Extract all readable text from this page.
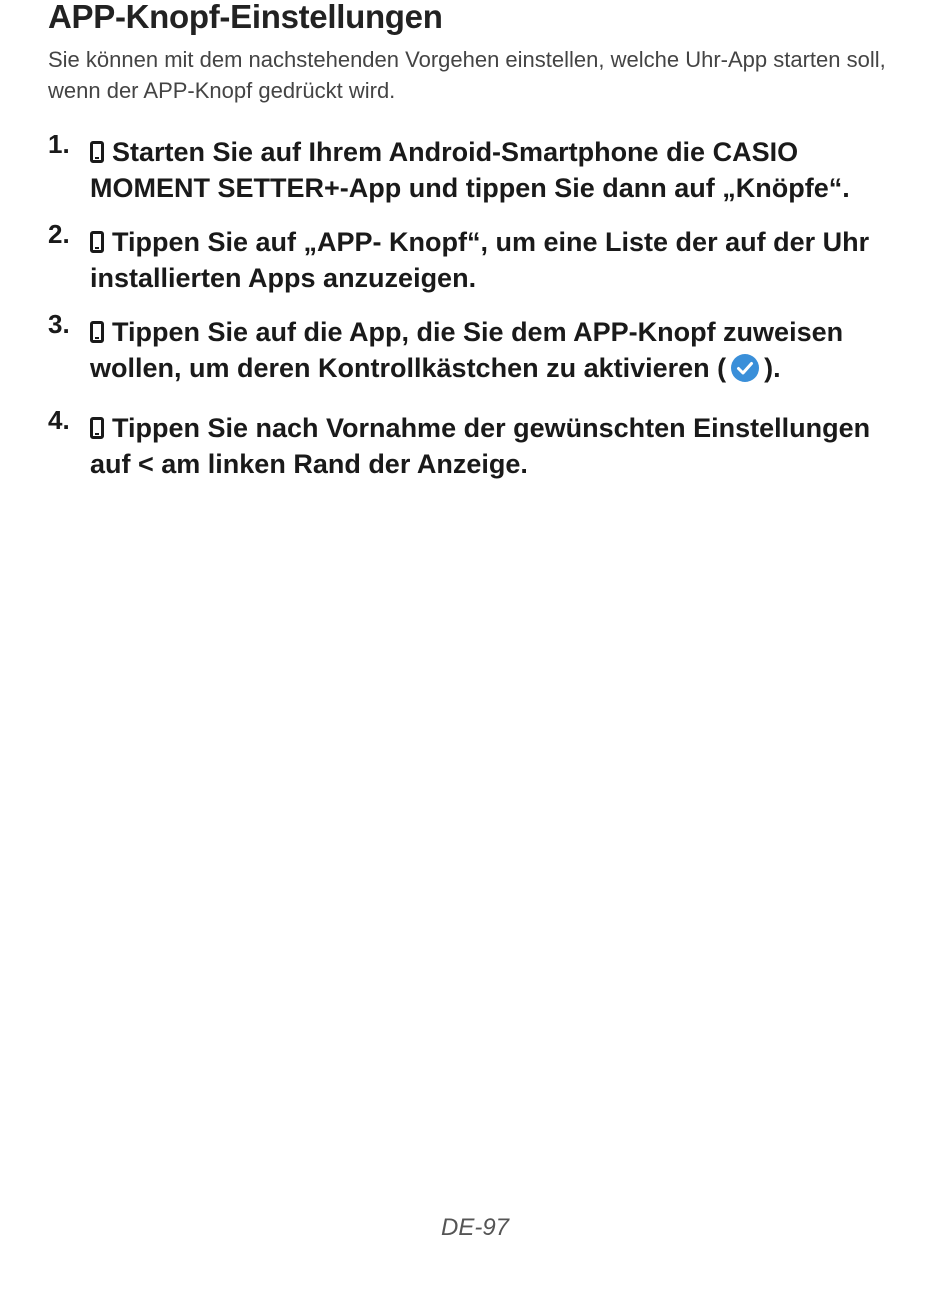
APP-Knopf-Einstellungen

Sie können mit dem nachstehenden Vorgehen einstellen, welche Uhr-App starten soll, wenn der APP-Knopf gedrückt wird.

1. Starten Sie auf Ihrem Android-Smartphone die CASIO MOMENT SETTER+-App und tippen Sie dann auf „Knöpfe“.
2. Tippen Sie auf „APP- Knopf“, um eine Liste der auf der Uhr installierten Apps anzuzeigen.
3. Tippen Sie auf die App, die Sie dem APP-Knopf zuweisen wollen, um deren Kontrollkästchen zu aktivieren ( ).
4. Tippen Sie nach Vornahme der gewünschten Einstellungen auf < am linken Rand der Anzeige.
DE-97
